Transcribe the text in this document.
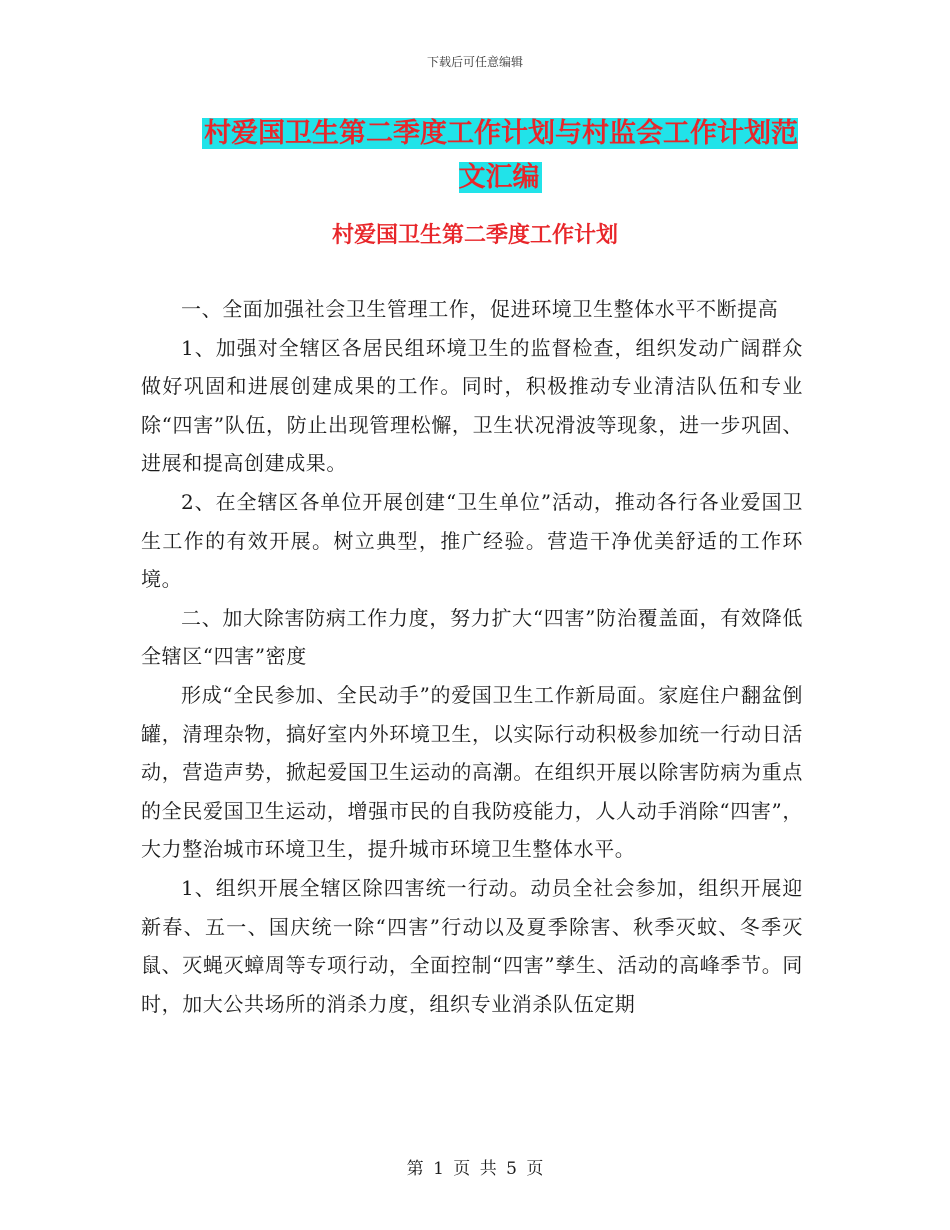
下载后可任意编辑
村爱国卫生第二季度工作计划与村监会工作计划范文汇编
村爱国卫生第二季度工作计划

一、全面加强社会卫生管理工作，促进环境卫生整体水平不断提高

1、加强对全辖区各居民组环境卫生的监督检查，组织发动广阔群众做好巩固和进展创建成果的工作。同时，积极推动专业清洁队伍和专业除“四害”队伍，防止出现管理松懈，卫生状况滑波等现象，进一步巩固、进展和提高创建成果。

2、在全辖区各单位开展创建“卫生单位”活动，推动各行各业爱国卫生工作的有效开展。树立典型，推广经验。营造干净优美舒适的工作环境。

二、加大除害防病工作力度，努力扩大“四害”防治覆盖面，有效降低全辖区“四害”密度

形成“全民参加、全民动手”的爱国卫生工作新局面。家庭住户翻盆倒罐，清理杂物，搞好室内外环境卫生，以实际行动积极参加统一行动日活动，营造声势，掀起爱国卫生运动的高潮。在组织开展以除害防病为重点的全民爱国卫生运动，增强市民的自我防疫能力，人人动手消除“四害”，大力整治城市环境卫生，提升城市环境卫生整体水平。

1、组织开展全辖区除四害统一行动。动员全社会参加，组织开展迎新春、五一、国庆统一除“四害”行动以及夏季除害、秋季灭蚊、冬季灭鼠、灭蝇灭蟑周等专项行动，全面控制“四害”孳生、活动的高峰季节。同时，加大公共场所的消杀力度，组织专业消杀队伍定期

第 1 页 共 5 页
